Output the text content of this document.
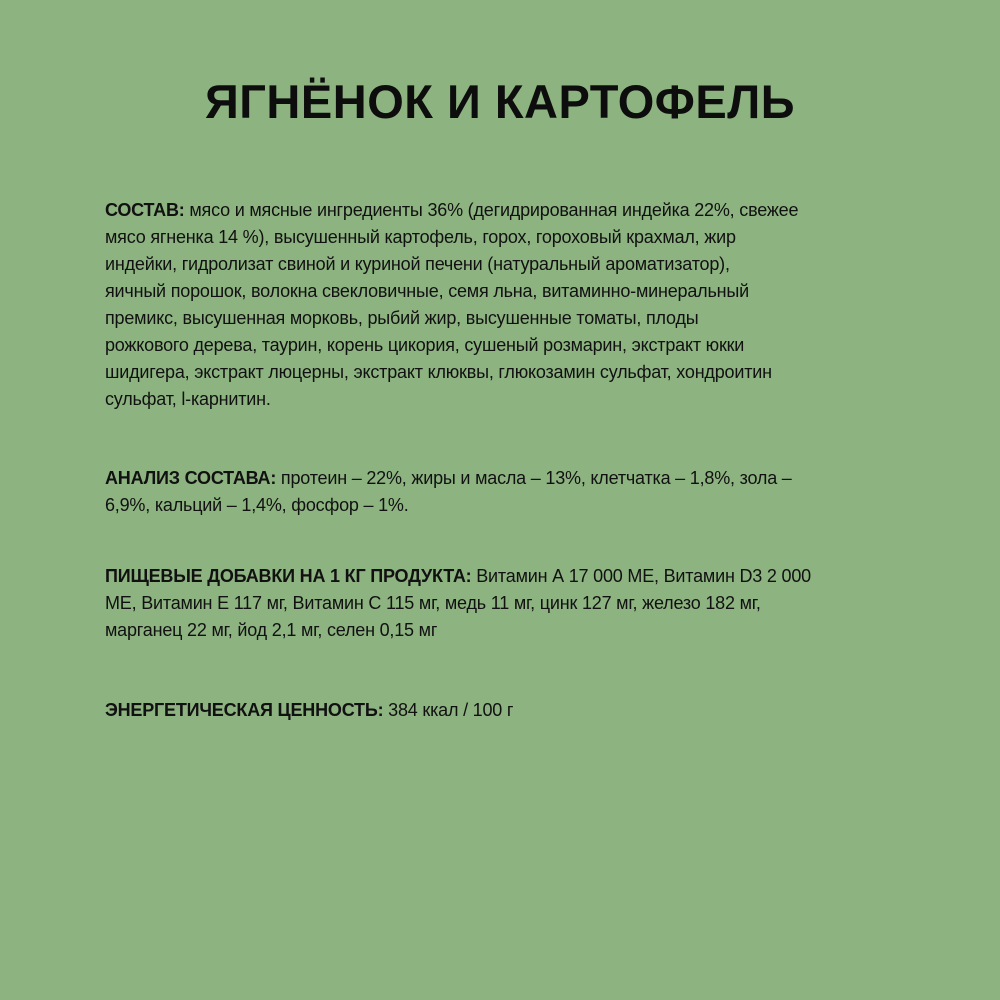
ЯГНЁНОК И КАРТОФЕЛЬ
СОСТАВ: мясо и мясные ингредиенты 36% (дегидрированная индейка 22%, свежее
мясо ягненка 14 %), высушенный картофель, горох, гороховый крахмал, жир
индейки, гидролизат свиной и куриной печени (натуральный ароматизатор),
яичный порошок, волокна свекловичные, семя льна, витаминно-минеральный
премикс, высушенная морковь, рыбий жир, высушенные томаты, плоды
рожкового дерева, таурин, корень цикория, сушеный розмарин, экстракт юкки
шидигера, экстракт люцерны, экстракт клюквы, глюкозамин сульфат, хондроитин
сульфат, l-карнитин.
АНАЛИЗ СОСТАВА: протеин – 22%, жиры и масла – 13%, клетчатка – 1,8%, зола –
6,9%, кальций – 1,4%, фосфор – 1%.
ПИЩЕВЫЕ ДОБАВКИ НА 1 КГ ПРОДУКТА: Витамин А 17 000 МЕ, Витамин D3 2 000
МЕ, Витамин Е 117 мг, Витамин С 115 мг, медь 11 мг, цинк 127 мг, железо 182 мг,
марганец 22 мг, йод 2,1 мг, селен 0,15 мг
ЭНЕРГЕТИЧЕСКАЯ ЦЕННОСТЬ: 384 ккал / 100 г
